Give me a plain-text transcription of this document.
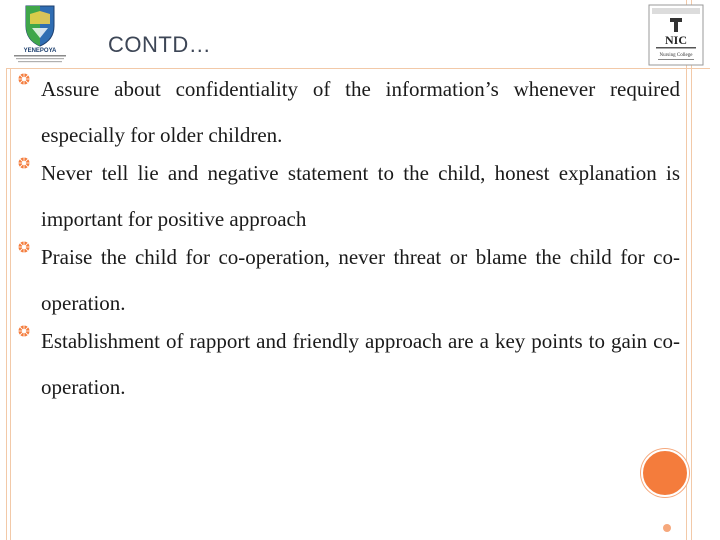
YENEPOYA
NIC
Nursing College
CONTD…
Assure about confidentiality of the information’s whenever required especially for older children.
Never tell lie and negative statement to the child, honest explanation is important for positive approach
Praise the child for co-operation, never threat or blame the child for co-operation.
Establishment of rapport and friendly approach are a key points to gain co-operation.
